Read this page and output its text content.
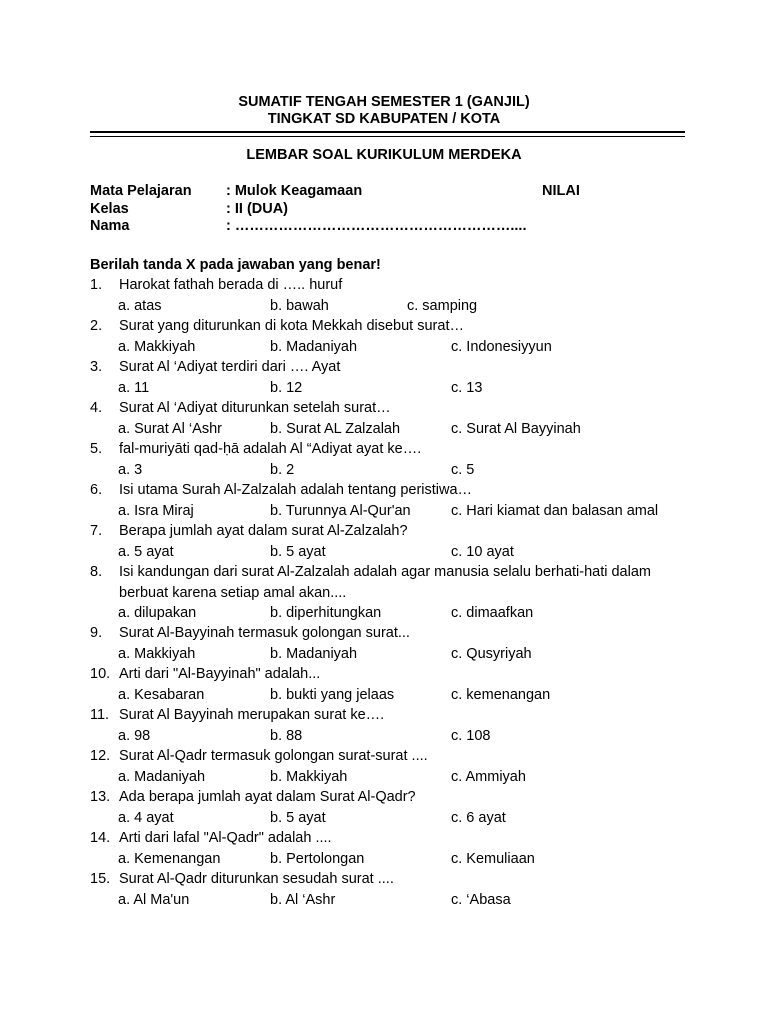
SUMATIF TENGAH SEMESTER 1 (GANJIL)
TINGKAT SD KABUPATEN / KOTA
LEMBAR SOAL KURIKULUM MERDEKA
Mata Pelajaran : Mulok Keagamaan	NILAI
Kelas	: II (DUA)
Nama	: …………………………………………………....
Berilah tanda X pada jawaban yang benar!
1. Harokat fathah berada di ….. huruf
a. atas	b. bawah	c. samping
2. Surat yang diturunkan di kota Mekkah disebut surat…
a. Makkiyah	b. Madaniyah	c. Indonesiyyun
3. Surat Al ‘Adiyat terdiri dari …. Ayat
a. 11	b. 12	c. 13
4. Surat Al ‘Adiyat diturunkan setelah surat…
a. Surat Al ‘Ashr	b. Surat AL Zalzalah	c. Surat Al Bayyinah
5. fal-muriyāti qad-ḥā adalah Al “Adiyat ayat ke….
a. 3	b. 2	c. 5
6. Isi utama Surah Al-Zalzalah adalah tentang peristiwa…
a. Isra Miraj	b. Turunnya Al-Qur'an	c. Hari kiamat dan balasan amal
7. Berapa jumlah ayat dalam surat Al-Zalzalah?
a. 5 ayat	b. 5 ayat	c. 10 ayat
8. Isi kandungan dari surat Al-Zalzalah adalah agar manusia selalu berhati-hati dalam berbuat karena setiap amal akan....
a. dilupakan	b. diperhitungkan	c. dimaafkan
9. Surat Al-Bayyinah termasuk golongan surat...
a. Makkiyah	b. Madaniyah	c. Qusyriyah
10. Arti dari "Al-Bayyinah" adalah...
a. Kesabaran	b. bukti yang jelaas	c. kemenangan
11. Surat Al Bayyinah merupakan surat ke….
a. 98	b. 88	c. 108
12. Surat Al-Qadr termasuk golongan surat-surat ....
a. Madaniyah	b. Makkiyah	c. Ammiyah
13. Ada berapa jumlah ayat dalam Surat Al-Qadr?
a. 4 ayat	b. 5 ayat	c. 6 ayat
14. Arti dari lafal "Al-Qadr" adalah ....
a. Kemenangan	b. Pertolongan	c. Kemuliaan
15. Surat Al-Qadr diturunkan sesudah surat ....
a. Al Ma'un	b. Al ‘Ashr	c. ‘Abasa
